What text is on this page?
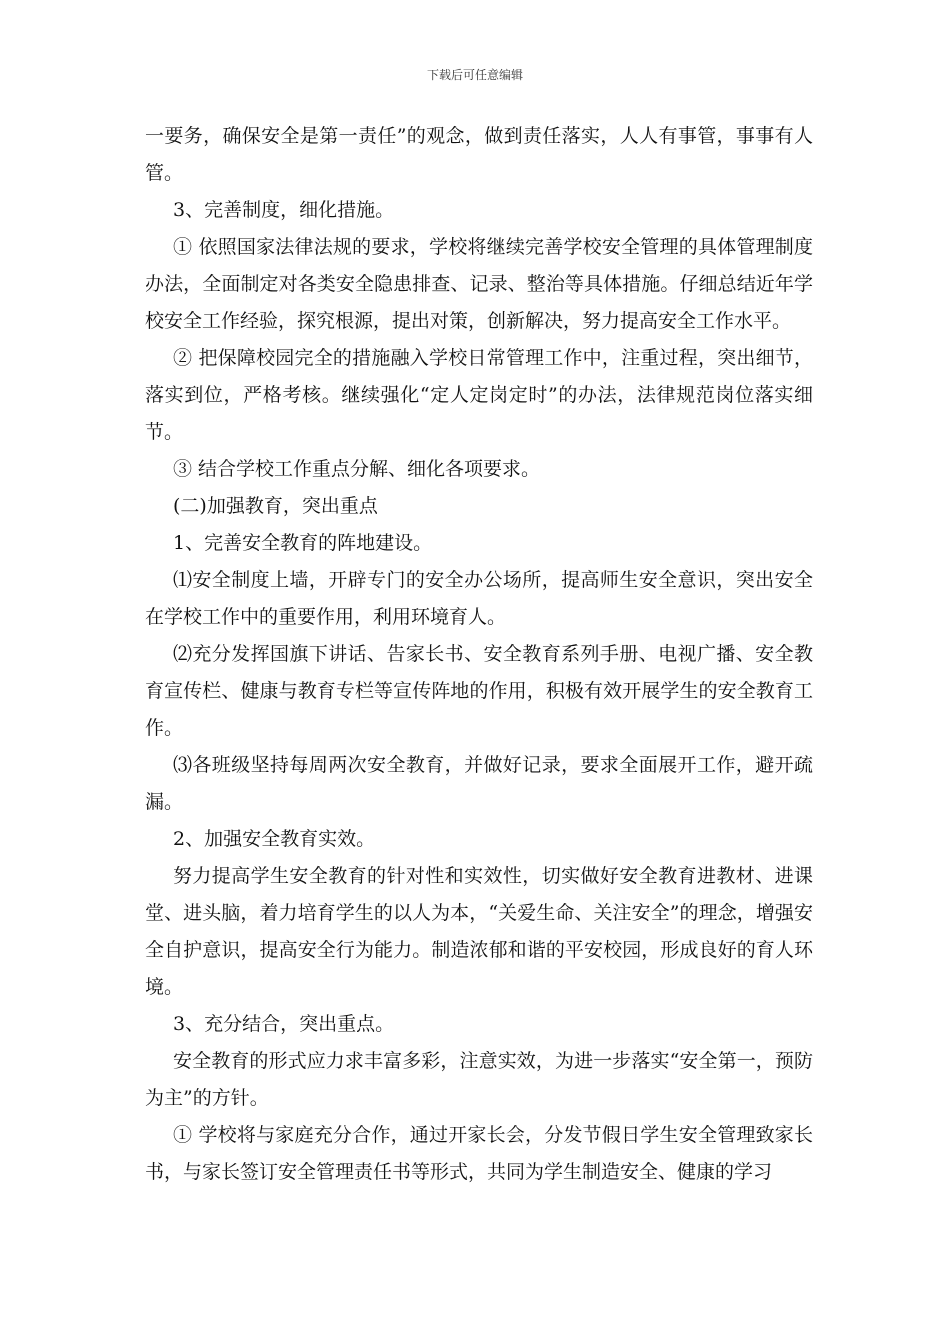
下载后可任意编辑

一要务，确保安全是第一责任”的观念，做到责任落实，人人有事管，事事有人管。

3、完善制度，细化措施。

① 依照国家法律法规的要求，学校将继续完善学校安全管理的具体管理制度办法，全面制定对各类安全隐患排查、记录、整治等具体措施。仔细总结近年学校安全工作经验，探究根源，提出对策，创新解决，努力提高安全工作水平。

② 把保障校园完全的措施融入学校日常管理工作中，注重过程，突出细节，落实到位，严格考核。继续强化“定人定岗定时”的办法，法律规范岗位落实细节。

③ 结合学校工作重点分解、细化各项要求。

(二)加强教育，突出重点

1、完善安全教育的阵地建设。

⑴安全制度上墙，开辟专门的安全办公场所，提高师生安全意识，突出安全在学校工作中的重要作用，利用环境育人。

⑵充分发挥国旗下讲话、告家长书、安全教育系列手册、电视广播、安全教育宣传栏、健康与教育专栏等宣传阵地的作用，积极有效开展学生的安全教育工作。

⑶各班级坚持每周两次安全教育，并做好记录，要求全面展开工作，避开疏漏。

2、加强安全教育实效。

努力提高学生安全教育的针对性和实效性，切实做好安全教育进教材、进课堂、进头脑，着力培育学生的以人为本，“关爱生命、关注安全”的理念，增强安全自护意识，提高安全行为能力。制造浓郁和谐的平安校园，形成良好的育人环境。

3、充分结合，突出重点。

安全教育的形式应力求丰富多彩，注意实效，为进一步落实“安全第一，预防为主”的方针。

① 学校将与家庭充分合作，通过开家长会，分发节假日学生安全管理致家长书，与家长签订安全管理责任书等形式，共同为学生制造安全、健康的学习
